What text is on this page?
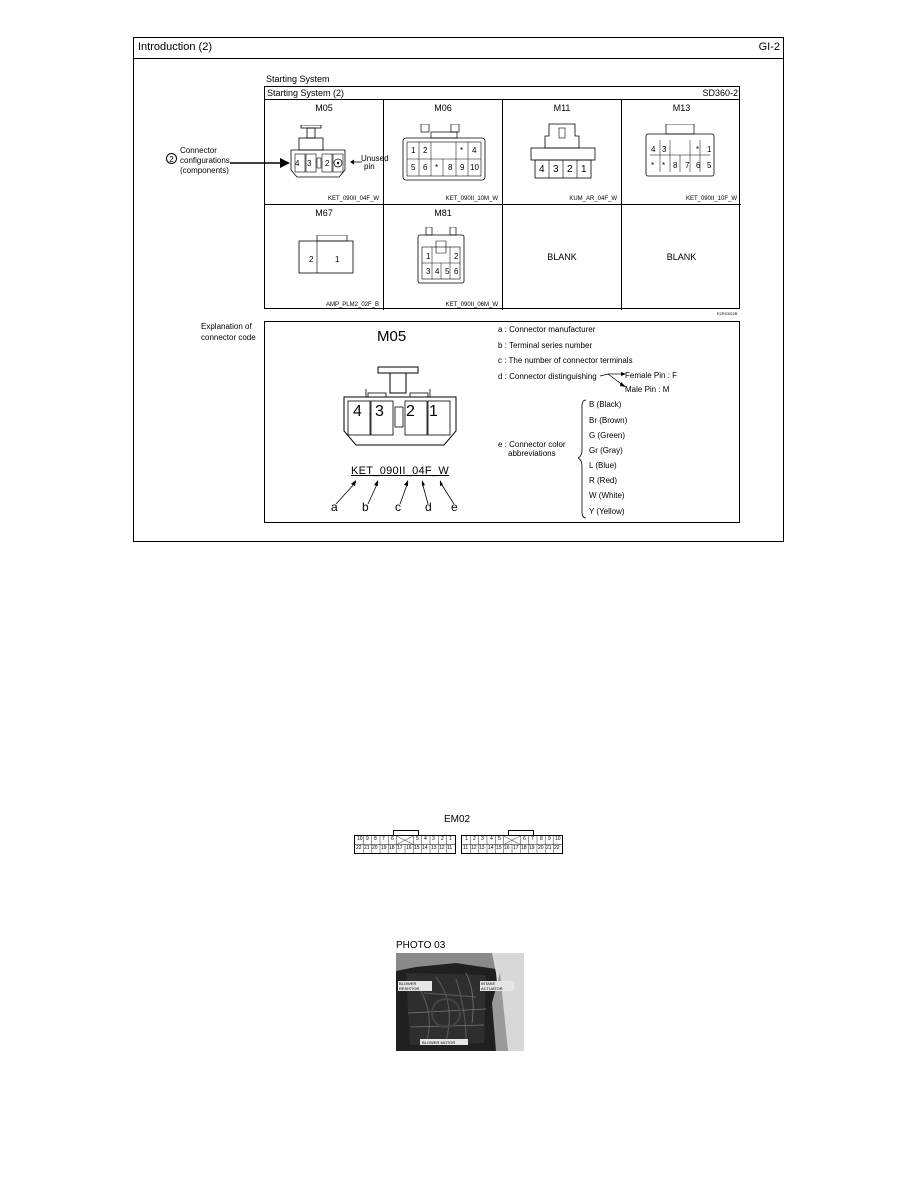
Introduction (2)	GI-2
Starting System
Starting System (2)	SD360-2
M05
4 3 2
KET_090II_04F_W
M06
1 2	* 4
5 6 * 8 9 10
KET_090II_10M_W
M11
4 3 2 1
KUM_AR_04F_W
M13
4 3	* 1
* * 8 7 6 5
KET_090II_10F_W
M67
2	1
AMP_PLM2_02F_B
M81
1	2
3 4 5 6
KET_090II_06M_W
BLANK	BLANK
E2RG002B
2
Connector
configurations
(components)
Unused
pin
Explanation of
connector code	M05
4 3 2 1
KET_090II_04F_W
a b c d e
a : Connector manufacturer
b : Terminal series number
c : The number of connector terminals
d : Connector distinguishing	Female Pin : F
Male Pin : M
e : Connector color
abbreviations
B (Black)
Br (Brown)
G (Green)
Gr (Gray)
L (Blue)
R (Red)
W (White)
Y (Yellow)
EM02
10 9 8 7 6	5 4 3 2 1
22 21 20 19 18 17 16 15 14 13 12 11
1 2 3 4 5	6 7 8 9 10
11 12 13 14 15 16 17 18 19 20 21 22
PHOTO 03
BLOWER RESISTOR
INTAKE ACTUATOR
BLOWER MOTOR
